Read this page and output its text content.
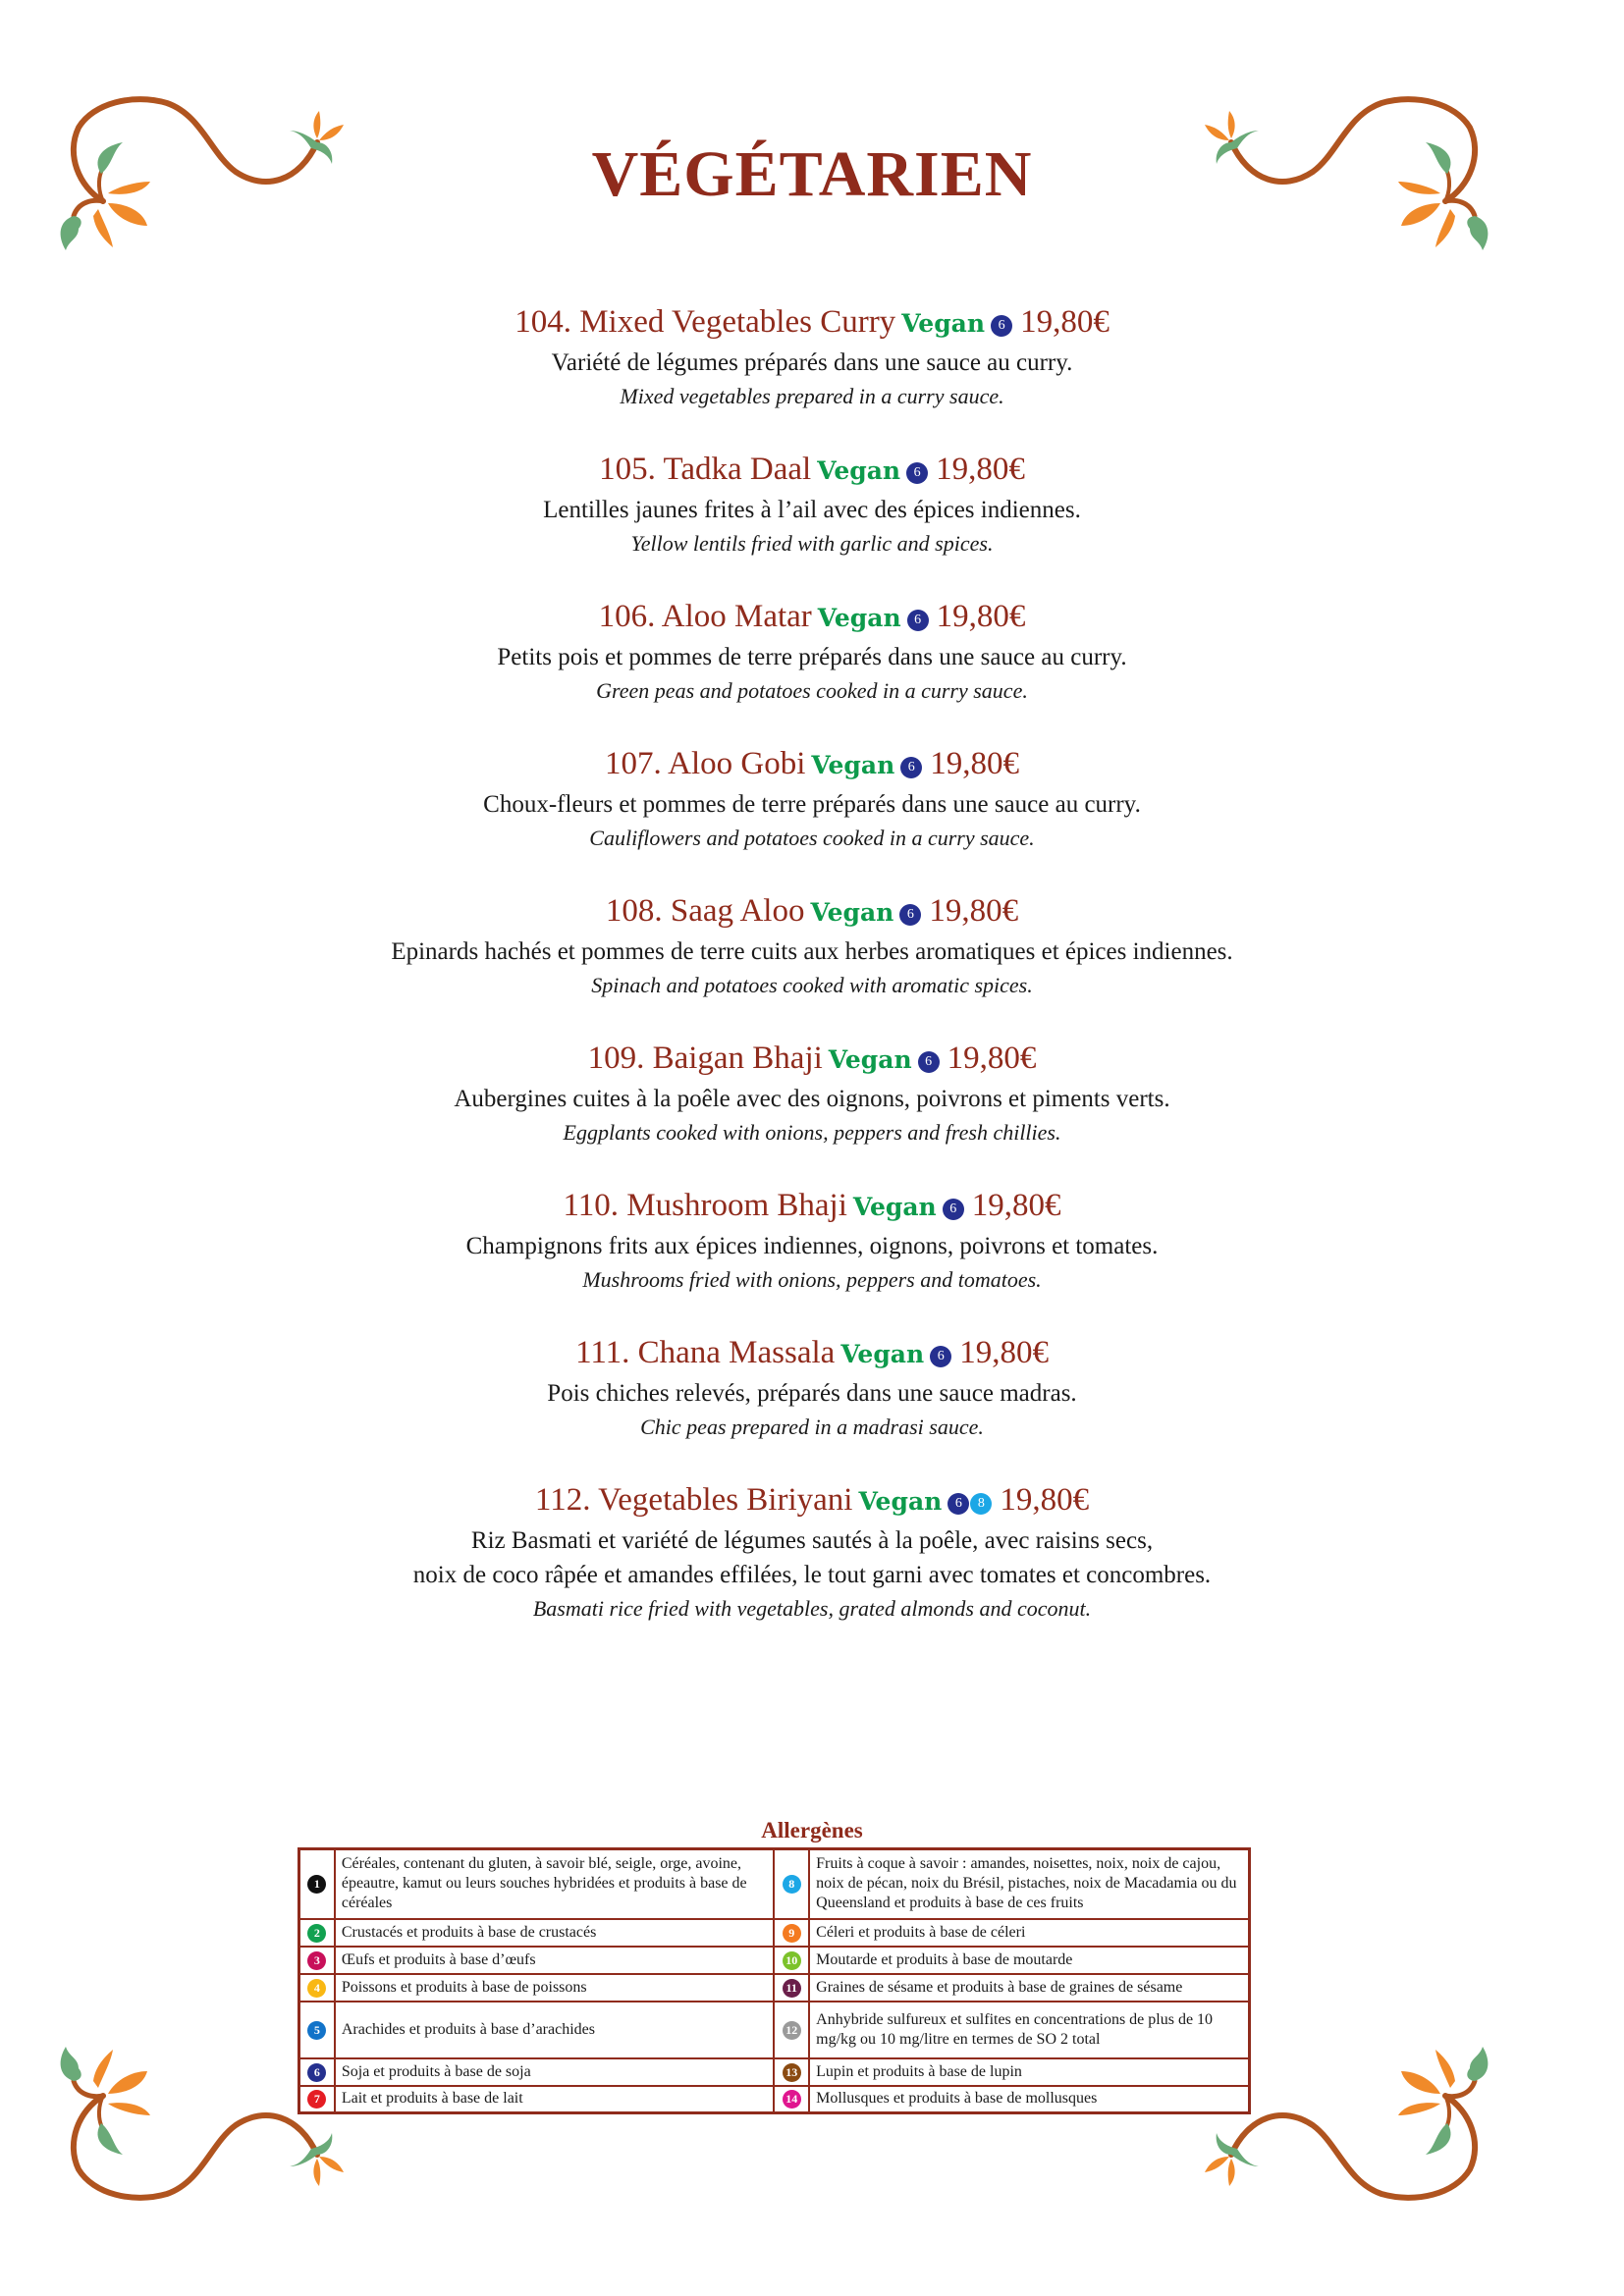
VÉGÉTARIEN
104. Mixed Vegetables Curry Vegan 6 19,80€
Variété de légumes préparés dans une sauce au curry.
Mixed vegetables prepared in a curry sauce.
105. Tadka Daal Vegan 6 19,80€
Lentilles jaunes frites à l’ail avec des épices indiennes.
Yellow lentils fried with garlic and spices.
106. Aloo Matar Vegan 6 19,80€
Petits pois et pommes de terre préparés dans une sauce au curry.
Green peas and potatoes cooked in a curry sauce.
107. Aloo Gobi Vegan 6 19,80€
Choux-fleurs et pommes de terre préparés dans une sauce au curry.
Cauliflowers and potatoes cooked in a curry sauce.
108. Saag Aloo Vegan 6 19,80€
Epinards hachés et pommes de terre cuits aux herbes aromatiques et épices indiennes.
Spinach and potatoes cooked with aromatic spices.
109. Baigan Bhaji Vegan 6 19,80€
Aubergines cuites à la poêle avec des oignons, poivrons et piments verts.
Eggplants cooked with onions, peppers and fresh chillies.
110. Mushroom Bhaji Vegan 6 19,80€
Champignons frits aux épices indiennes, oignons, poivrons et tomates.
Mushrooms fried with onions, peppers and tomatoes.
111. Chana Massala Vegan 6 19,80€
Pois chiches relevés, préparés dans une sauce madras.
Chic peas prepared in a madrasi sauce.
112. Vegetables Biriyani Vegan 6 8 19,80€
Riz Basmati et variété de légumes sautés à la poêle, avec raisins secs,
noix de coco râpée et amandes effilées, le tout garni avec tomates et concombres.
Basmati rice fried with vegetables, grated almonds and coconut.
Allergènes
1	Céréales, contenant du gluten, à savoir blé, seigle, orge, avoine, épeautre, kamut ou leurs souches hybridées et produits à base de céréales	8	Fruits à coque à savoir : amandes, noisettes, noix, noix de cajou, noix de pécan, noix du Brésil, pistaches, noix de Macadamia ou du Queensland et produits à base de ces fruits
2	Crustacés et produits à base de crustacés	9	Céleri et produits à base de céleri
3	Œufs et produits à base d’œufs	10	Moutarde et produits à base de moutarde
4	Poissons et produits à base de poissons	11	Graines de sésame et produits à base de graines de sésame
5	Arachides et produits à base d’arachides	12	Anhybride sulfureux et sulfites en concentrations de plus de 10 mg/kg ou 10 mg/litre en termes de SO 2 total
6	Soja et produits à base de soja	13	Lupin et produits à base de lupin
7	Lait et produits à base de lait	14	Mollusques et produits à base de mollusques
